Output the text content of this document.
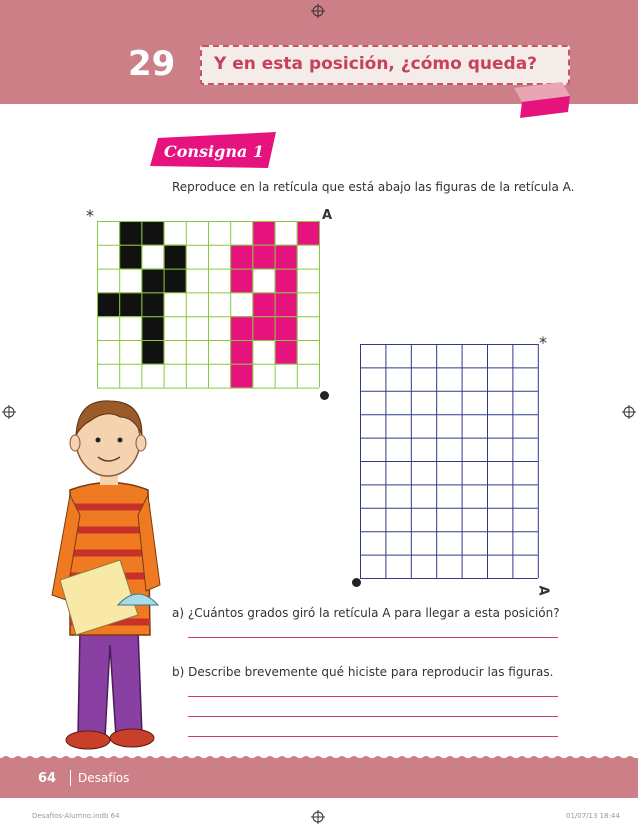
29 Y en esta posición, ¿cómo queda?
Consigna 1
Reproduce en la retícula que está abajo las figuras de la retícula A.
*	A
*
A
a) ¿Cuántos grados giró la retícula A para llegar a esta posición?
b) Describe brevemente qué hiciste para reproducir las figuras.
64 Desafíos
Desafios-Alumno.indb 64	01/07/13 18:44
